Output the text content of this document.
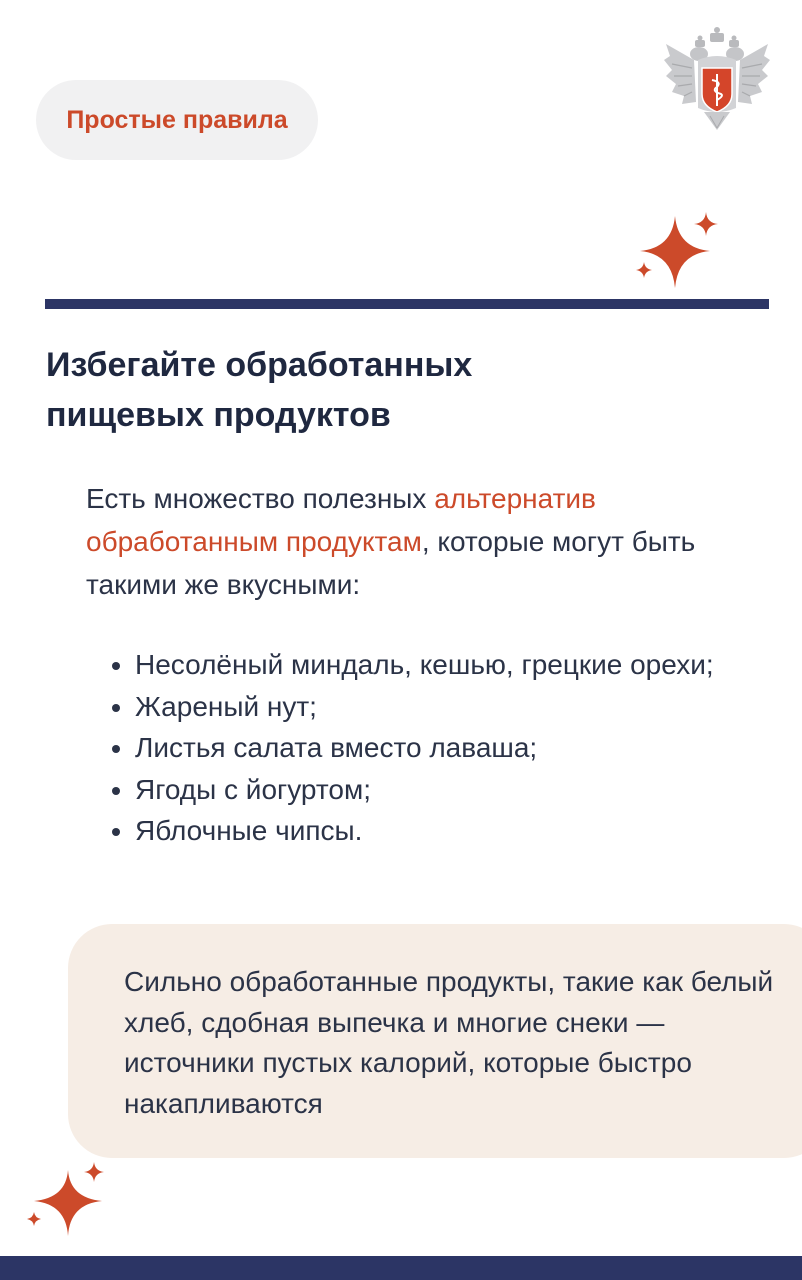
Простые правила
Избегайте обработанных
пищевых продуктов

Есть множество полезных альтернатив обработанным продуктам, которые могут быть такими же вкусными:

• Несолёный миндаль, кешью, грецкие орехи;
• Жареный нут;
• Листья салата вместо лаваша;
• Ягоды с йогуртом;
• Яблочные чипсы.

Сильно обработанные продукты, такие как белый хлеб, сдобная выпечка и многие снеки — источники пустых калорий, которые быстро накапливаются
